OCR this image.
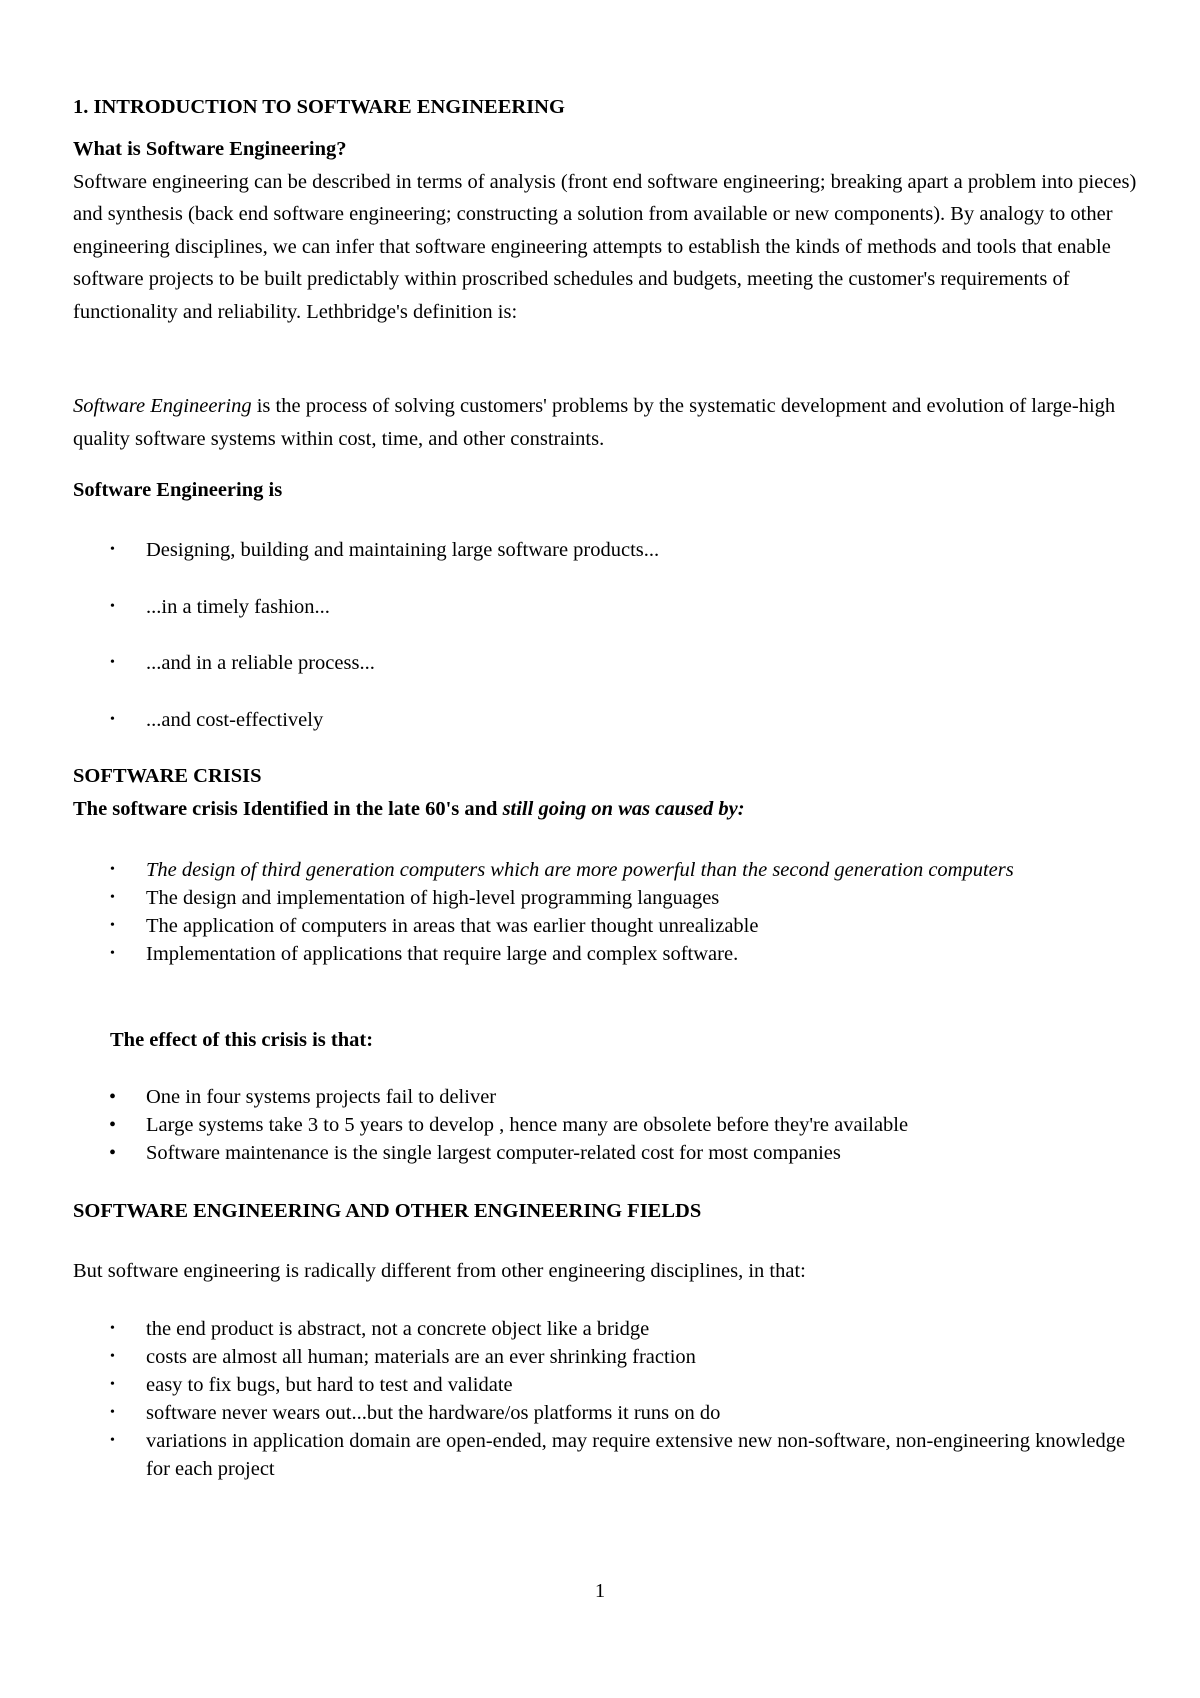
1. INTRODUCTION TO SOFTWARE ENGINEERING

What is Software Engineering?

Software engineering can be described in terms of analysis (front end software engineering; breaking apart a problem into pieces) and synthesis (back end software engineering; constructing a solution from available or new components). By analogy to other engineering disciplines, we can infer that software engineering attempts to establish the kinds of methods and tools that enable software projects to be built predictably within proscribed schedules and budgets, meeting the customer's requirements of functionality and reliability. Lethbridge's definition is:

Software Engineering is the process of solving customers' problems by the systematic development and evolution of large-high quality software systems within cost, time, and other constraints.

Software Engineering is

• Designing, building and maintaining large software products...
• ...in a timely fashion...
• ...and in a reliable process...
• ...and cost-effectively

SOFTWARE CRISIS

The software crisis Identified in the late 60's and still going on was caused by:

• The design of third generation computers which are more powerful than the second generation computers
• The design and implementation of high-level programming languages
• The application of computers in areas that was earlier thought unrealizable
• Implementation of applications that require large and complex software.

The effect of this crisis is that:

• One in four systems projects fail to deliver
• Large systems take 3 to 5 years to develop , hence many are obsolete before they're available
• Software maintenance is the single largest computer-related cost for most companies

SOFTWARE ENGINEERING AND OTHER ENGINEERING FIELDS

But software engineering is radically different from other engineering disciplines, in that:

• the end product is abstract, not a concrete object like a bridge
• costs are almost all human; materials are an ever shrinking fraction
• easy to fix bugs, but hard to test and validate
• software never wears out...but the hardware/os platforms it runs on do
• variations in application domain are open-ended, may require extensive new non-software, non-engineering knowledge for each project
1
